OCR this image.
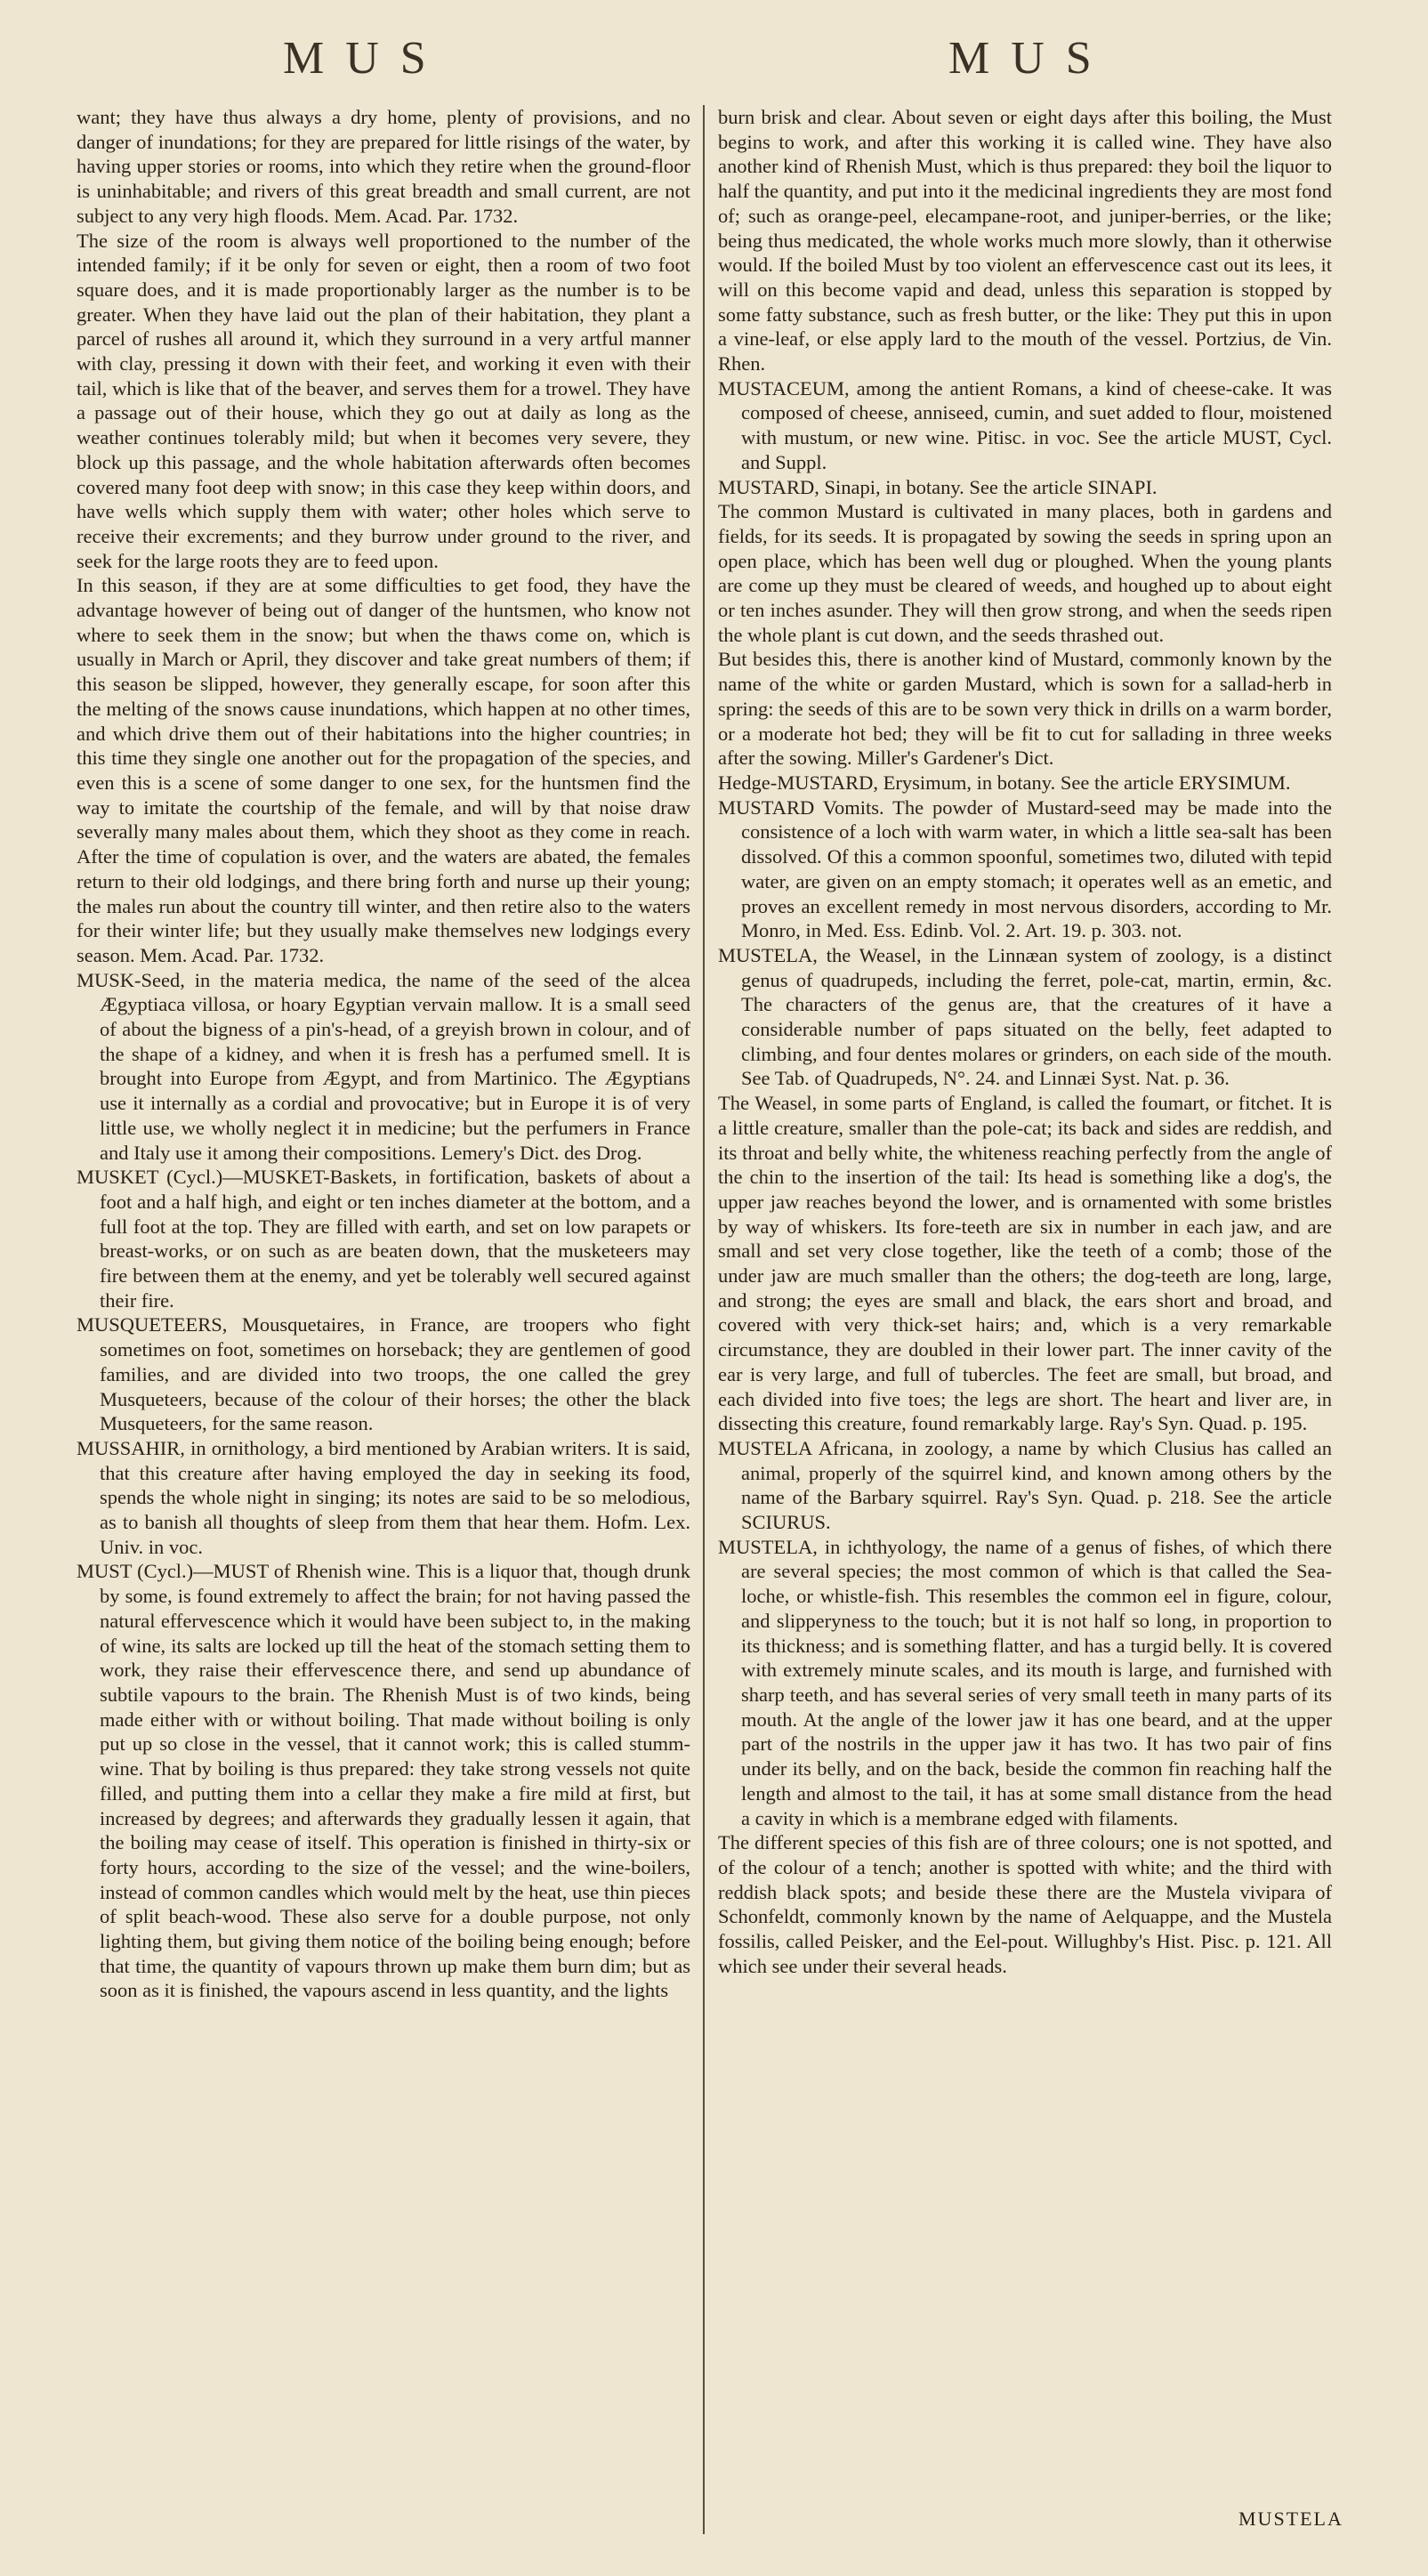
MUS	MUS

want; they have thus always a dry home, plenty of provisions, and no danger of inundations; for they are prepared for little risings of the water, by having upper stories or rooms, into which they retire when the ground-floor is uninhabitable; and rivers of this great breadth and small current, are not subject to any very high floods. Mem. Acad. Par. 1732.

The size of the room is always well proportioned to the number of the intended family; if it be only for seven or eight, then a room of two foot square does, and it is made proportionably larger as the number is to be greater. When they have laid out the plan of their habitation, they plant a parcel of rushes all around it, which they surround in a very artful manner with clay, pressing it down with their feet, and working it even with their tail, which is like that of the beaver, and serves them for a trowel. They have a passage out of their house, which they go out at daily as long as the weather continues tolerably mild; but when it becomes very severe, they block up this passage, and the whole habitation afterwards often becomes covered many foot deep with snow; in this case they keep within doors, and have wells which supply them with water; other holes which serve to receive their excrements; and they burrow under ground to the river, and seek for the large roots they are to feed upon.

In this season, if they are at some difficulties to get food, they have the advantage however of being out of danger of the huntsmen, who know not where to seek them in the snow; but when the thaws come on, which is usually in March or April, they discover and take great numbers of them; if this season be slipped, however, they generally escape, for soon after this the melting of the snows cause inundations, which happen at no other times, and which drive them out of their habitations into the higher countries; in this time they single one another out for the propagation of the species, and even this is a scene of some danger to one sex, for the huntsmen find the way to imitate the courtship of the female, and will by that noise draw severally many males about them, which they shoot as they come in reach. After the time of copulation is over, and the waters are abated, the females return to their old lodgings, and there bring forth and nurse up their young; the males run about the country till winter, and then retire also to the waters for their winter life; but they usually make themselves new lodgings every season. Mem. Acad. Par. 1732.

MUSK-Seed, in the materia medica, the name of the seed of the alcea Ægyptiaca villosa, or hoary Egyptian vervain mallow. It is a small seed of about the bigness of a pin's-head, of a greyish brown in colour, and of the shape of a kidney, and when it is fresh has a perfumed smell. It is brought into Europe from Ægypt, and from Martinico. The Ægyptians use it internally as a cordial and provocative; but in Europe it is of very little use, we wholly neglect it in medicine; but the perfumers in France and Italy use it among their compositions. Lemery's Dict. des Drog.

MUSKET (Cycl.)—MUSKET-Baskets, in fortification, baskets of about a foot and a half high, and eight or ten inches diameter at the bottom, and a full foot at the top. They are filled with earth, and set on low parapets or breast-works, or on such as are beaten down, that the musketeers may fire between them at the enemy, and yet be tolerably well secured against their fire.

MUSQUETEERS, Mousquetaires, in France, are troopers who fight sometimes on foot, sometimes on horseback; they are gentlemen of good families, and are divided into two troops, the one called the grey Musqueteers, because of the colour of their horses; the other the black Musqueteers, for the same reason.

MUSSAHIR, in ornithology, a bird mentioned by Arabian writers. It is said, that this creature after having employed the day in seeking its food, spends the whole night in singing; its notes are said to be so melodious, as to banish all thoughts of sleep from them that hear them. Hofm. Lex. Univ. in voc.

MUST (Cycl.)—MUST of Rhenish wine. This is a liquor that, though drunk by some, is found extremely to affect the brain; for not having passed the natural effervescence which it would have been subject to, in the making of wine, its salts are locked up till the heat of the stomach setting them to work, they raise their effervescence there, and send up abundance of subtile vapours to the brain. The Rhenish Must is of two kinds, being made either with or without boiling. That made without boiling is only put up so close in the vessel, that it cannot work; this is called stumm-wine. That by boiling is thus prepared: they take strong vessels not quite filled, and putting them into a cellar they make a fire mild at first, but increased by degrees; and afterwards they gradually lessen it again, that the boiling may cease of itself. This operation is finished in thirty-six or forty hours, according to the size of the vessel; and the wine-boilers, instead of common candles which would melt by the heat, use thin pieces of split beach-wood. These also serve for a double purpose, not only lighting them, but giving them notice of the boiling being enough; before that time, the quantity of vapours thrown up make them burn dim; but as soon as it is finished, the vapours ascend in less quantity, and the lights

burn brisk and clear. About seven or eight days after this boiling, the Must begins to work, and after this working it is called wine. They have also another kind of Rhenish Must, which is thus prepared: they boil the liquor to half the quantity, and put into it the medicinal ingredients they are most fond of; such as orange-peel, elecampane-root, and juniper-berries, or the like; being thus medicated, the whole works much more slowly, than it otherwise would. If the boiled Must by too violent an effervescence cast out its lees, it will on this become vapid and dead, unless this separation is stopped by some fatty substance, such as fresh butter, or the like: They put this in upon a vine-leaf, or else apply lard to the mouth of the vessel. Portzius, de Vin. Rhen.

MUSTACEUM, among the antient Romans, a kind of cheese-cake. It was composed of cheese, anniseed, cumin, and suet added to flour, moistened with mustum, or new wine. Pitisc. in voc. See the article MUST, Cycl. and Suppl.

MUSTARD, Sinapi, in botany. See the article SINAPI.

The common Mustard is cultivated in many places, both in gardens and fields, for its seeds. It is propagated by sowing the seeds in spring upon an open place, which has been well dug or ploughed. When the young plants are come up they must be cleared of weeds, and houghed up to about eight or ten inches asunder. They will then grow strong, and when the seeds ripen the whole plant is cut down, and the seeds thrashed out.

But besides this, there is another kind of Mustard, commonly known by the name of the white or garden Mustard, which is sown for a sallad-herb in spring: the seeds of this are to be sown very thick in drills on a warm border, or a moderate hot bed; they will be fit to cut for sallading in three weeks after the sowing. Miller's Gardener's Dict.

Hedge-MUSTARD, Erysimum, in botany. See the article ERYSIMUM.

MUSTARD Vomits. The powder of Mustard-seed may be made into the consistence of a loch with warm water, in which a little sea-salt has been dissolved. Of this a common spoonful, sometimes two, diluted with tepid water, are given on an empty stomach; it operates well as an emetic, and proves an excellent remedy in most nervous disorders, according to Mr. Monro, in Med. Ess. Edinb. Vol. 2. Art. 19. p. 303. not.

MUSTELA, the Weasel, in the Linnæan system of zoology, is a distinct genus of quadrupeds, including the ferret, pole-cat, martin, ermin, &c. The characters of the genus are, that the creatures of it have a considerable number of paps situated on the belly, feet adapted to climbing, and four dentes molares or grinders, on each side of the mouth. See Tab. of Quadrupeds, N°. 24. and Linnæi Syst. Nat. p. 36.

The Weasel, in some parts of England, is called the foumart, or fitchet. It is a little creature, smaller than the pole-cat; its back and sides are reddish, and its throat and belly white, the whiteness reaching perfectly from the angle of the chin to the insertion of the tail: Its head is something like a dog's, the upper jaw reaches beyond the lower, and is ornamented with some bristles by way of whiskers. Its fore-teeth are six in number in each jaw, and are small and set very close together, like the teeth of a comb; those of the under jaw are much smaller than the others; the dog-teeth are long, large, and strong; the eyes are small and black, the ears short and broad, and covered with very thick-set hairs; and, which is a very remarkable circumstance, they are doubled in their lower part. The inner cavity of the ear is very large, and full of tubercles. The feet are small, but broad, and each divided into five toes; the legs are short. The heart and liver are, in dissecting this creature, found remarkably large. Ray's Syn. Quad. p. 195.

MUSTELA Africana, in zoology, a name by which Clusius has called an animal, properly of the squirrel kind, and known among others by the name of the Barbary squirrel. Ray's Syn. Quad. p. 218. See the article SCIURUS.

MUSTELA, in ichthyology, the name of a genus of fishes, of which there are several species; the most common of which is that called the Sea-loche, or whistle-fish. This resembles the common eel in figure, colour, and slipperyness to the touch; but it is not half so long, in proportion to its thickness; and is something flatter, and has a turgid belly. It is covered with extremely minute scales, and its mouth is large, and furnished with sharp teeth, and has several series of very small teeth in many parts of its mouth. At the angle of the lower jaw it has one beard, and at the upper part of the nostrils in the upper jaw it has two. It has two pair of fins under its belly, and on the back, beside the common fin reaching half the length and almost to the tail, it has at some small distance from the head a cavity in which is a membrane edged with filaments.

The different species of this fish are of three colours; one is not spotted, and of the colour of a tench; another is spotted with white; and the third with reddish black spots; and beside these there are the Mustela vivipara of Schonfeldt, commonly known by the name of Aelquappe, and the Mustela fossilis, called Peisker, and the Eel-pout. Willughby's Hist. Pisc. p. 121. All which see under their several heads.

MUSTELA
